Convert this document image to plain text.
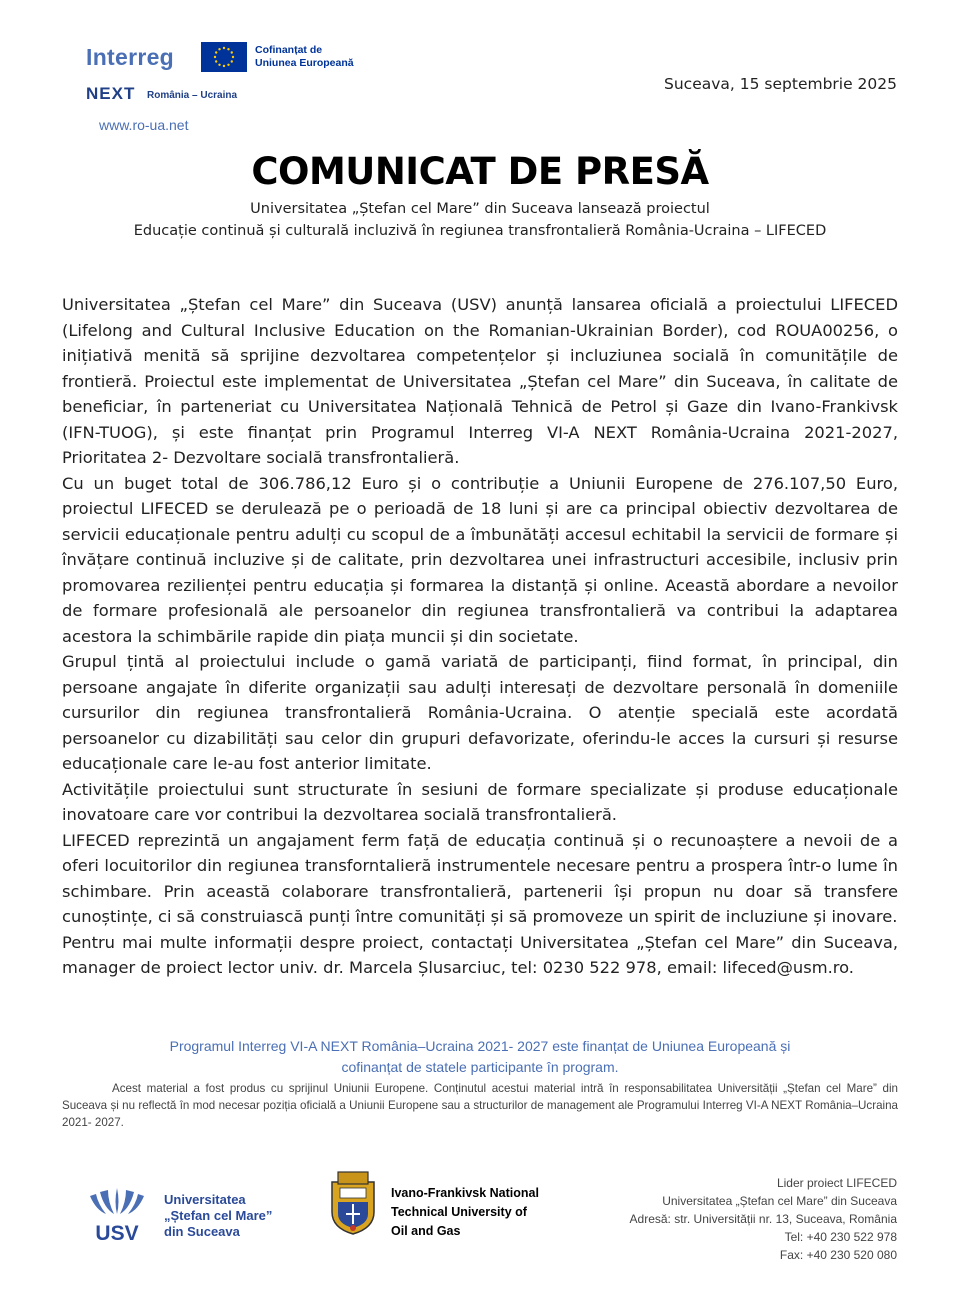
Interreg	Cofinanțat de
Uniunea Europeană
NEXT România – Ucraina
www.ro-ua.net
Suceava, 15 septembrie 2025
COMUNICAT DE PRESĂ
Universitatea „Ștefan cel Mare” din Suceava lansează proiectul
Educație continuă și culturală incluzivă în regiunea transfrontalieră România-Ucraina – LIFECED

Universitatea „Ștefan cel Mare” din Suceava (USV) anunță lansarea oficială a proiectului LIFECED (Lifelong and Cultural Inclusive Education on the Romanian-Ukrainian Border), cod ROUA00256, o inițiativă menită să sprijine dezvoltarea competențelor și incluziunea socială în comunitățile de frontieră. Proiectul este implementat de Universitatea „Ștefan cel Mare” din Suceava, în calitate de beneficiar, în parteneriat cu Universitatea Națională Tehnică de Petrol și Gaze din Ivano-Frankivsk (IFN-TUOG), și este finanțat prin Programul Interreg VI-A NEXT România-Ucraina 2021-2027, Prioritatea 2- Dezvoltare socială transfrontalieră.

Cu un buget total de 306.786,12 Euro și o contribuție a Uniunii Europene de 276.107,50 Euro, proiectul LIFECED se derulează pe o perioadă de 18 luni și are ca principal obiectiv dezvoltarea de servicii educaționale pentru adulți cu scopul de a îmbunătăți accesul echitabil la servicii de formare și învățare continuă incluzive și de calitate, prin dezvoltarea unei infrastructuri accesibile, inclusiv prin promovarea rezilienței pentru educația și formarea la distanță și online. Această abordare a nevoilor de formare profesională ale persoanelor din regiunea transfrontalieră va contribui la adaptarea acestora la schimbările rapide din piața muncii și din societate.

Grupul țintă al proiectului include o gamă variată de participanți, fiind format, în principal, din persoane angajate în diferite organizații sau adulți interesați de dezvoltare personală în domeniile cursurilor din regiunea transfrontalieră România-Ucraina. O atenție specială este acordată persoanelor cu dizabilități sau celor din grupuri defavorizate, oferindu-le acces la cursuri și resurse educaționale care le-au fost anterior limitate.

Activitățile proiectului sunt structurate în sesiuni de formare specializate și produse educaționale inovatoare care vor contribui la dezvoltarea socială transfrontalieră.

LIFECED reprezintă un angajament ferm față de educația continuă și o recunoaștere a nevoii de a oferi locuitorilor din regiunea transforntalieră instrumentele necesare pentru a prospera într-o lume în schimbare. Prin această colaborare transfrontalieră, partenerii își propun nu doar să transfere cunoștințe, ci să construiască punți între comunități și să promoveze un spirit de incluziune și inovare.

Pentru mai multe informații despre proiect, contactați Universitatea „Ștefan cel Mare” din Suceava, manager de proiect lector univ. dr. Marcela Șlusarciuc, tel: 0230 522 978, email: lifeced@usm.ro.

Programul Interreg VI-A NEXT România–Ucraina 2021- 2027 este finanțat de Uniunea Europeană și
cofinanțat de statele participante în program.
Acest material a fost produs cu sprijinul Uniunii Europene. Conținutul acestui material intră în responsabilitatea Universității „Ștefan cel Mare” din Suceava și nu reflectă în mod necesar poziția oficială a Uniunii Europene sau a structurilor de management ale Programului Interreg VI-A NEXT România–Ucraina 2021- 2027.
USV
Universitatea
„Ștefan cel Mare”
din Suceava
Ivano-Frankivsk National
Technical University of
Oil and Gas
Lider proiect LIFECED
Universitatea „Ștefan cel Mare” din Suceava
Adresă: str. Universității nr. 13, Suceava, România
Tel: +40 230 522 978
Fax: +40 230 520 080
